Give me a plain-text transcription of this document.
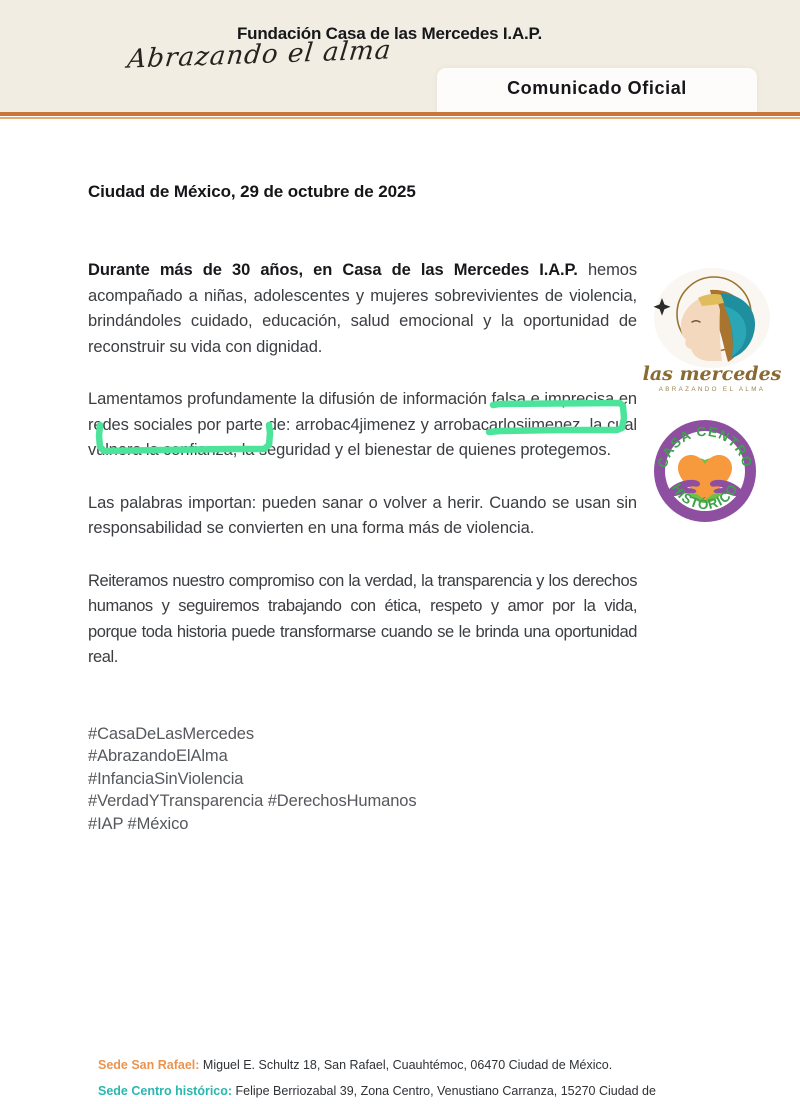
Fundación Casa de las Mercedes I.A.P.
Abrazando el alma
Comunicado Oficial
Ciudad de México, 29 de octubre de 2025

Durante más de 30 años, en Casa de las Mercedes I.A.P. hemos acompañado a niñas, adolescentes y mujeres sobrevivientes de violencia, brindándoles cuidado, educación, salud emocional y la oportunidad de reconstruir su vida con dignidad.

Lamentamos profundamente la difusión de información falsa e imprecisa en redes sociales por parte de: arrobac4jimenez y arrobacarlosjimenez, la cual vulnera la confianza, la seguridad y el bienestar de quienes protegemos.

Las palabras importan: pueden sanar o volver a herir. Cuando se usan sin responsabilidad se convierten en una forma más de violencia.

Reiteramos nuestro compromiso con la verdad, la transparencia y los derechos humanos y seguiremos trabajando con ética, respeto y amor por la vida, porque toda historia puede transformarse cuando se le brinda una oportunidad real.

#CasaDeLasMercedes
#AbrazandoElAlma
#InfanciaSinViolencia
#VerdadYTransparencia #DerechosHumanos
#IAP #México
las mercedes
ABRAZANDO EL ALMA
CASA CENTRO
HISTÓRICO
Sede San Rafael: Miguel E. Schultz 18, San Rafael, Cuauhtémoc, 06470 Ciudad de México.
Sede Centro histórico: Felipe Berriozabal 39, Zona Centro, Venustiano Carranza, 15270 Ciudad de
